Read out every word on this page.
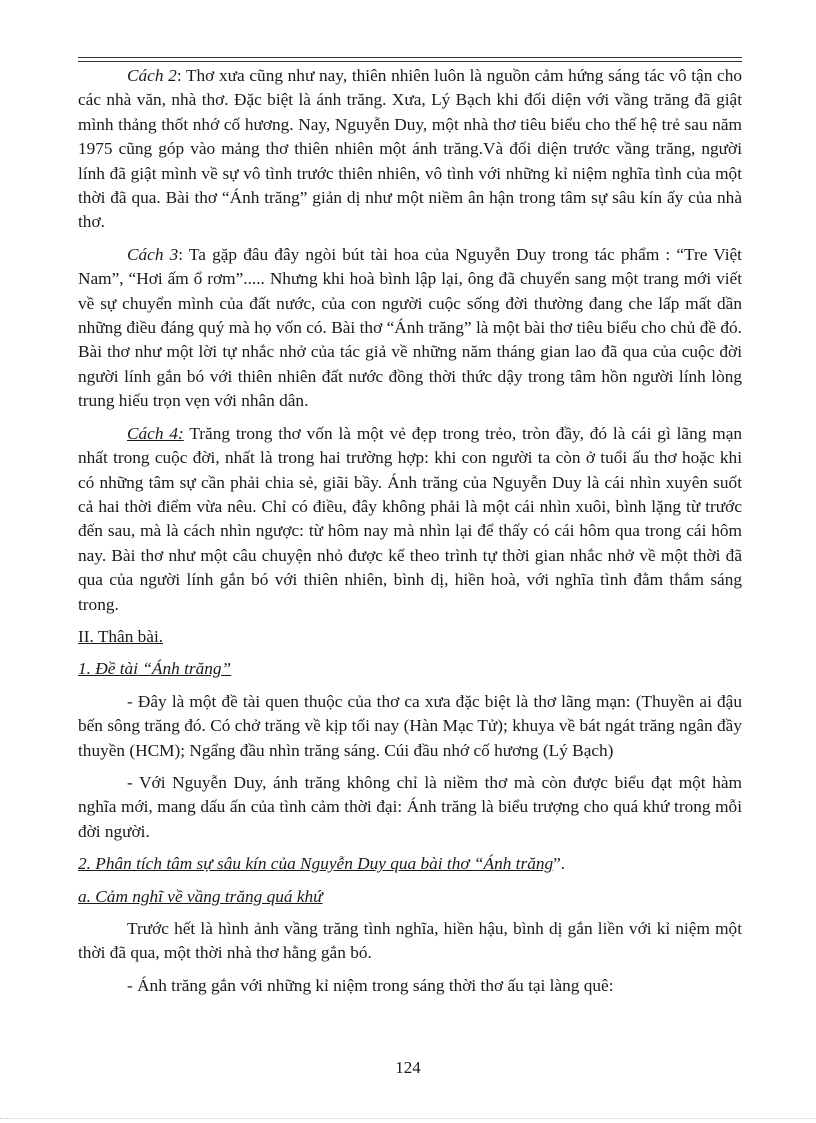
Cách 2: Thơ xưa cũng như nay, thiên nhiên luôn là nguồn cảm hứng sáng tác vô tận cho các nhà văn, nhà thơ. Đặc biệt là ánh trăng. Xưa, Lý Bạch khi đối diện với vầng trăng đã giật mình thảng thốt nhớ cố hương. Nay, Nguyễn Duy, một nhà thơ tiêu biểu cho thế hệ trẻ sau năm 1975 cũng góp vào mảng thơ thiên nhiên một ánh trăng.Và đối diện trước vầng trăng, người lính đã giật mình về sự vô tình trước thiên nhiên, vô tình với những kỉ niệm nghĩa tình của một thời đã qua. Bài thơ “Ánh trăng” giản dị như một niềm ân hận trong tâm sự sâu kín ấy của nhà thơ.

Cách 3: Ta gặp đâu đây ngòi bút tài hoa của Nguyễn Duy trong tác phẩm : “Tre Việt Nam”, “Hơi ấm ổ rơm”..... Nhưng khi hoà bình lập lại, ông đã chuyển sang một trang mới viết về sự chuyển mình của đất nước, của con người cuộc sống đời thường đang che lấp mất dần những điều đáng quý mà họ vốn có. Bài thơ “Ánh trăng” là một bài thơ tiêu biểu cho chủ đề đó. Bài thơ như một lời tự nhắc nhở của tác giả về những năm tháng gian lao đã qua của cuộc đời người lính gắn bó với thiên nhiên đất nước đồng thời thức dậy trong tâm hồn người lính lòng trung hiếu trọn vẹn với nhân dân.

Cách 4: Trăng trong thơ vốn là một vẻ đẹp trong trẻo, tròn đầy, đó là cái gì lãng mạn nhất trong cuộc đời, nhất là trong hai trường hợp: khi con người ta còn ở tuổi ấu thơ hoặc khi có những tâm sự cần phải chia sẻ, giãi bầy. Ánh trăng của Nguyễn Duy là cái nhìn xuyên suốt cả hai thời điểm vừa nêu. Chỉ có điều, đây không phải là một cái nhìn xuôi, bình lặng từ trước đến sau, mà là cách nhìn ngược: từ hôm nay mà nhìn lại để thấy có cái hôm qua trong cái hôm nay. Bài thơ như một câu chuyện nhỏ được kể theo trình tự thời gian nhắc nhở về một thời đã qua của người lính gắn bó với thiên nhiên, bình dị, hiền hoà, với nghĩa tình đằm thắm sáng trong.

II. Thân bài.

1. Đề tài “Ánh trăng”

- Đây là một đề tài quen thuộc của thơ ca xưa đặc biệt là thơ lãng mạn: (Thuyền ai đậu bến sông trăng đó. Có chở trăng về kịp tối nay (Hàn Mạc Tử); khuya về bát ngát trăng ngân đầy thuyền (HCM); Ngẩng đầu nhìn trăng sáng. Cúi đầu nhớ cố hương (Lý Bạch)

- Với Nguyễn Duy, ánh trăng không chỉ là niềm thơ mà còn được biểu đạt một hàm nghĩa mới, mang dấu ấn của tình cảm thời đại: Ánh trăng là biểu trượng cho quá khứ trong mỗi đời người.

2. Phân tích tâm sự sâu kín của Nguyễn Duy qua bài thơ “Ánh trăng”.

a. Cảm nghĩ về vầng trăng quá khứ

Trước hết là hình ảnh vầng trăng tình nghĩa, hiền hậu, bình dị gắn liền với kỉ niệm một thời đã qua, một thời nhà thơ hằng gắn bó.

- Ánh trăng gắn với những kỉ niệm trong sáng thời thơ ấu tại làng quê:

124
